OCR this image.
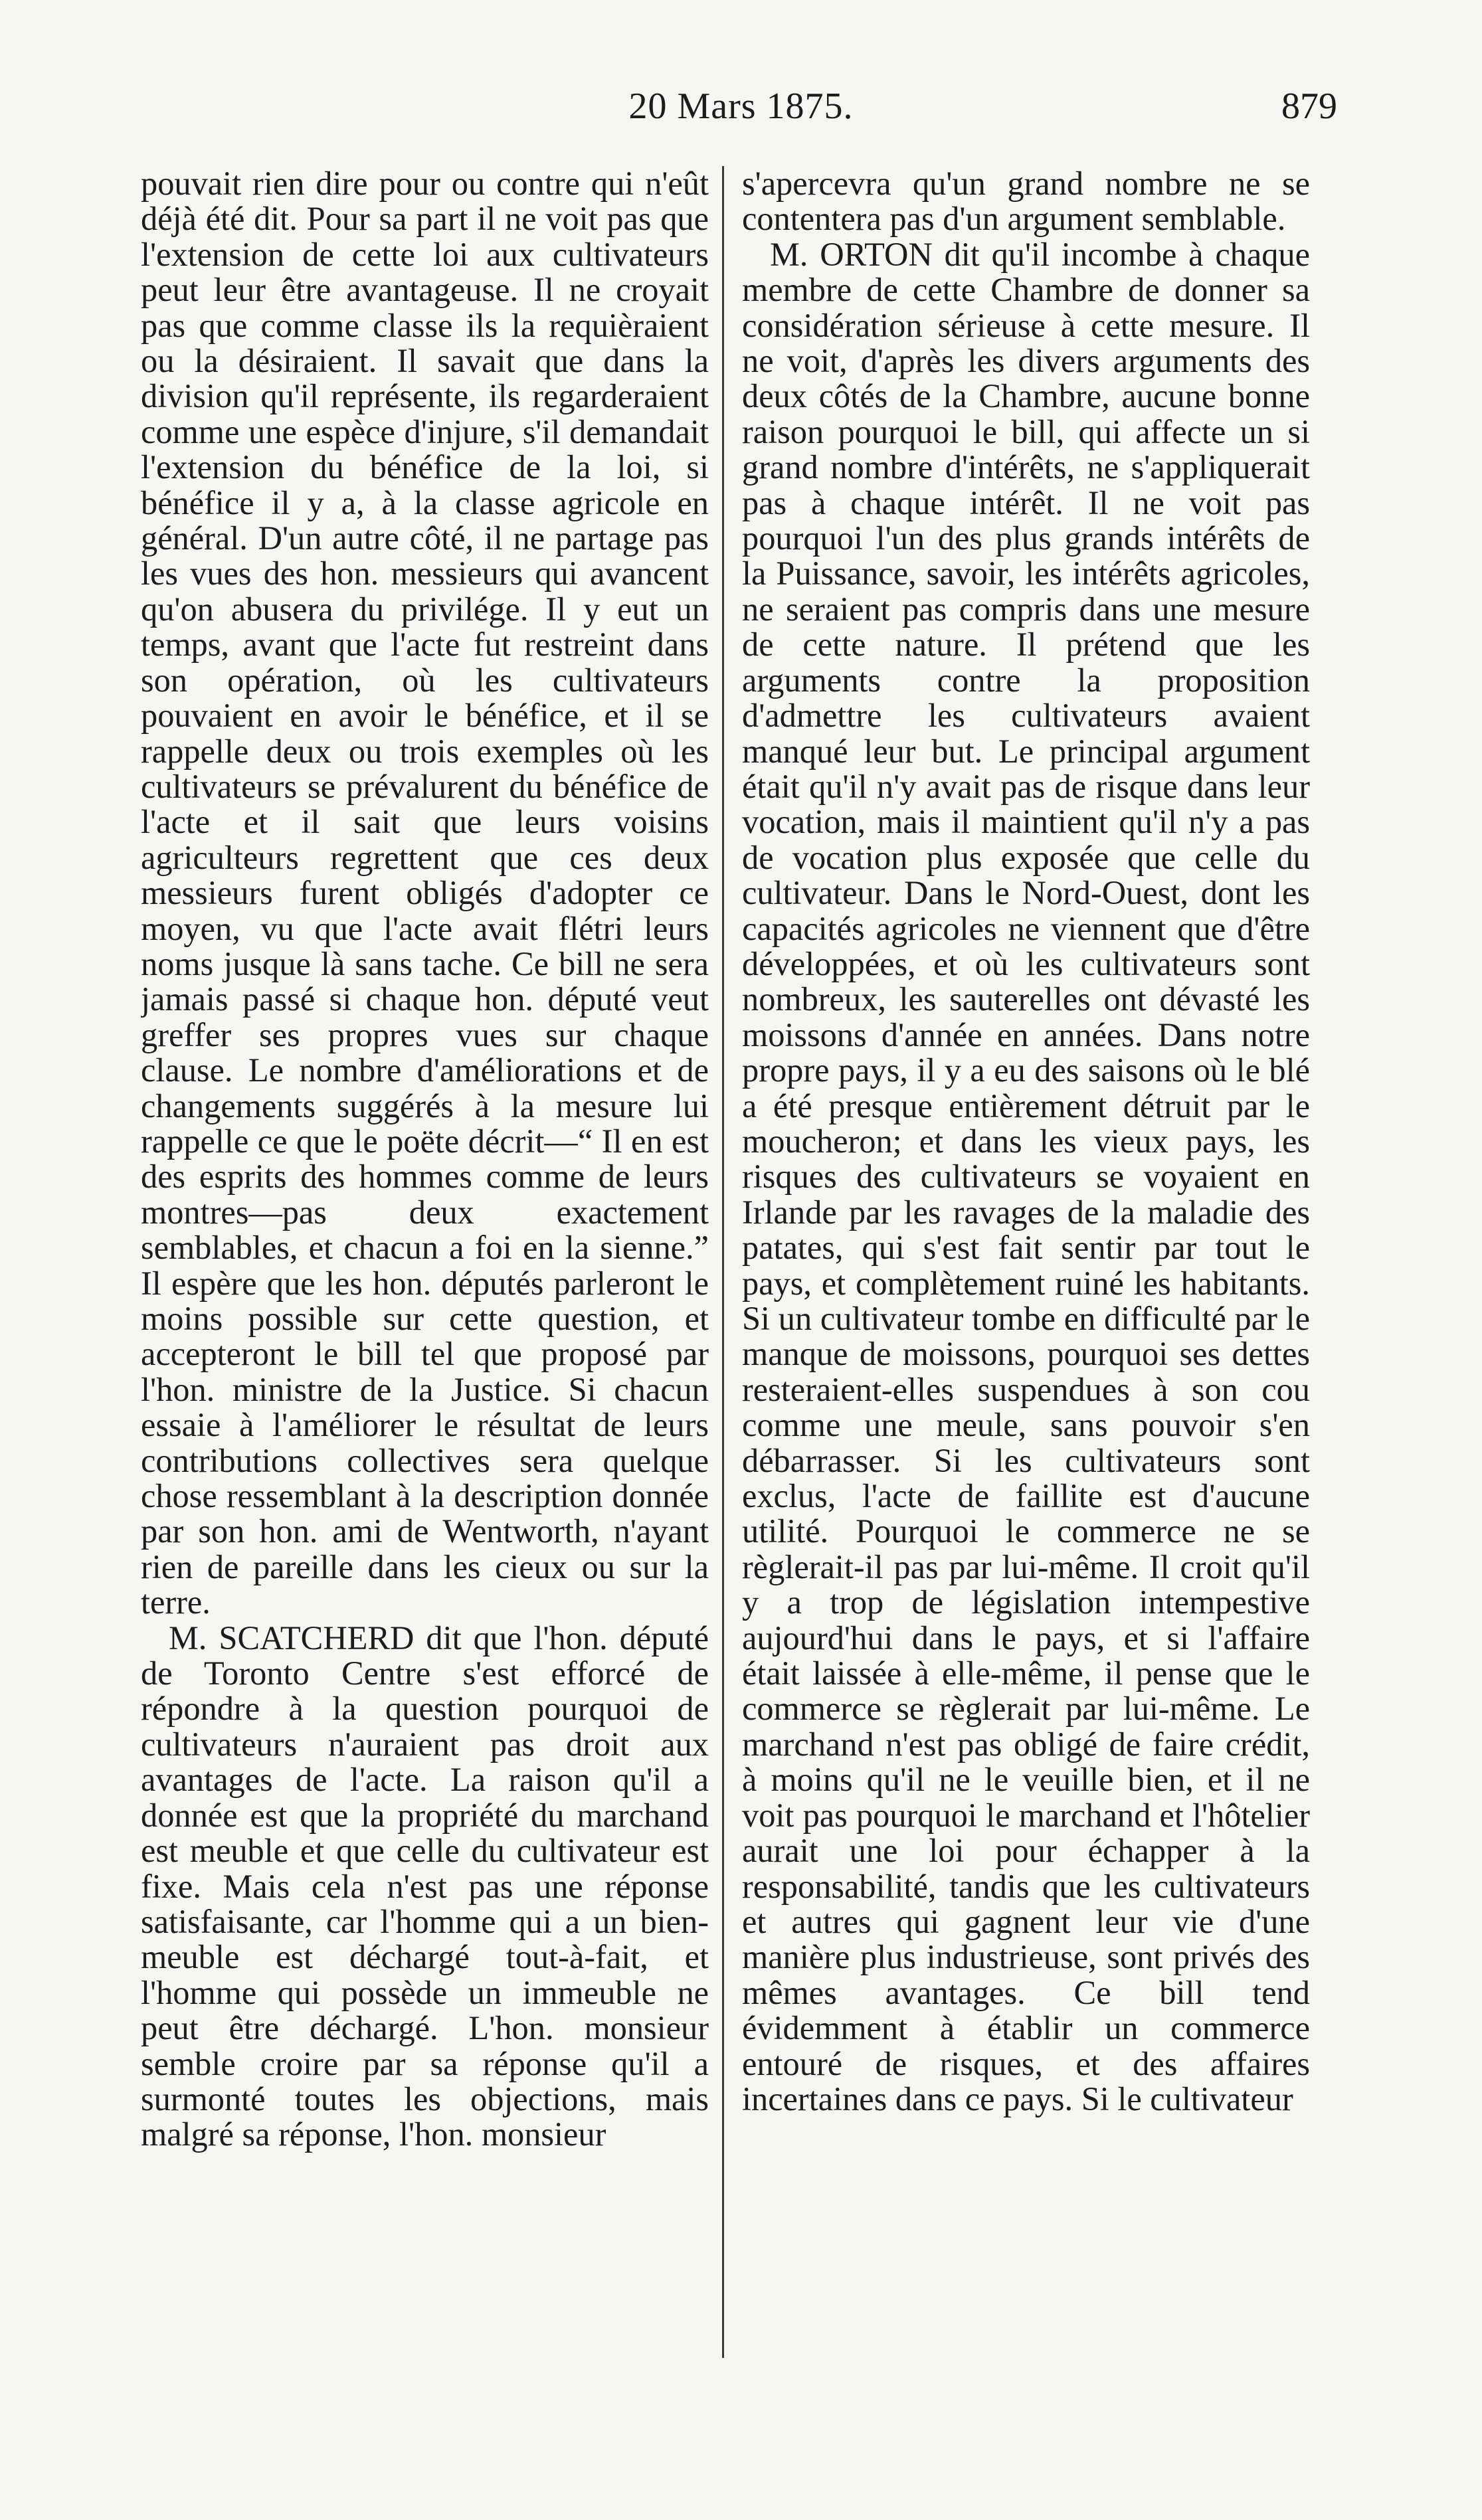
20 Mars 1875.	879

pouvait rien dire pour ou contre qui n'eût déjà été dit. Pour sa part il ne voit pas que l'extension de cette loi aux cultivateurs peut leur être avantageuse. Il ne croyait pas que comme classe ils la requièraient ou la désiraient. Il savait que dans la division qu'il représente, ils regarderaient comme une espèce d'injure, s'il demandait l'extension du bénéfice de la loi, si bénéfice il y a, à la classe agricole en général. D'un autre côté, il ne partage pas les vues des hon. messieurs qui avancent qu'on abusera du privilége. Il y eut un temps, avant que l'acte fut restreint dans son opération, où les cultivateurs pouvaient en avoir le bénéfice, et il se rappelle deux ou trois exemples où les cultivateurs se prévalurent du bénéfice de l'acte et il sait que leurs voisins agriculteurs regrettent que ces deux messieurs furent obligés d'adopter ce moyen, vu que l'acte avait flétri leurs noms jusque là sans tache. Ce bill ne sera jamais passé si chaque hon. député veut greffer ses propres vues sur chaque clause. Le nombre d'améliorations et de changements suggérés à la mesure lui rappelle ce que le poëte décrit—“ Il en est des esprits des hommes comme de leurs montres—pas deux exactement semblables, et chacun a foi en la sienne.” Il espère que les hon. députés parleront le moins possible sur cette question, et accepteront le bill tel que proposé par l'hon. ministre de la Justice. Si chacun essaie à l'améliorer le résultat de leurs contributions collectives sera quelque chose ressemblant à la description donnée par son hon. ami de Wentworth, n'ayant rien de pareille dans les cieux ou sur la terre.

M. SCATCHERD dit que l'hon. député de Toronto Centre s'est efforcé de répondre à la question pourquoi de cultivateurs n'auraient pas droit aux avantages de l'acte. La raison qu'il a donnée est que la propriété du marchand est meuble et que celle du cultivateur est fixe. Mais cela n'est pas une réponse satisfaisante, car l'homme qui a un bien-meuble est déchargé tout-à-fait, et l'homme qui possède un immeuble ne peut être déchargé. L'hon. monsieur semble croire par sa réponse qu'il a surmonté toutes les objections, mais malgré sa réponse, l'hon. monsieur

s'apercevra qu'un grand nombre ne se contentera pas d'un argument semblable.

M. ORTON dit qu'il incombe à chaque membre de cette Chambre de donner sa considération sérieuse à cette mesure. Il ne voit, d'après les divers arguments des deux côtés de la Chambre, aucune bonne raison pourquoi le bill, qui affecte un si grand nombre d'intérêts, ne s'appliquerait pas à chaque intérêt. Il ne voit pas pourquoi l'un des plus grands intérêts de la Puissance, savoir, les intérêts agricoles, ne seraient pas compris dans une mesure de cette nature. Il prétend que les arguments contre la proposition d'admettre les cultivateurs avaient manqué leur but. Le principal argument était qu'il n'y avait pas de risque dans leur vocation, mais il maintient qu'il n'y a pas de vocation plus exposée que celle du cultivateur. Dans le Nord-Ouest, dont les capacités agricoles ne viennent que d'être développées, et où les cultivateurs sont nombreux, les sauterelles ont dévasté les moissons d'année en années. Dans notre propre pays, il y a eu des saisons où le blé a été presque entièrement détruit par le moucheron; et dans les vieux pays, les risques des cultivateurs se voyaient en Irlande par les ravages de la maladie des patates, qui s'est fait sentir par tout le pays, et complètement ruiné les habitants. Si un cultivateur tombe en difficulté par le manque de moissons, pourquoi ses dettes resteraient-elles suspendues à son cou comme une meule, sans pouvoir s'en débarrasser. Si les cultivateurs sont exclus, l'acte de faillite est d'aucune utilité. Pourquoi le commerce ne se règlerait-il pas par lui-même. Il croit qu'il y a trop de législation intempestive aujourd'hui dans le pays, et si l'affaire était laissée à elle-même, il pense que le commerce se règlerait par lui-même. Le marchand n'est pas obligé de faire crédit, à moins qu'il ne le veuille bien, et il ne voit pas pourquoi le marchand et l'hôtelier aurait une loi pour échapper à la responsabilité, tandis que les cultivateurs et autres qui gagnent leur vie d'une manière plus industrieuse, sont privés des mêmes avantages. Ce bill tend évidemment à établir un commerce entouré de risques, et des affaires incertaines dans ce pays. Si le cultivateur
